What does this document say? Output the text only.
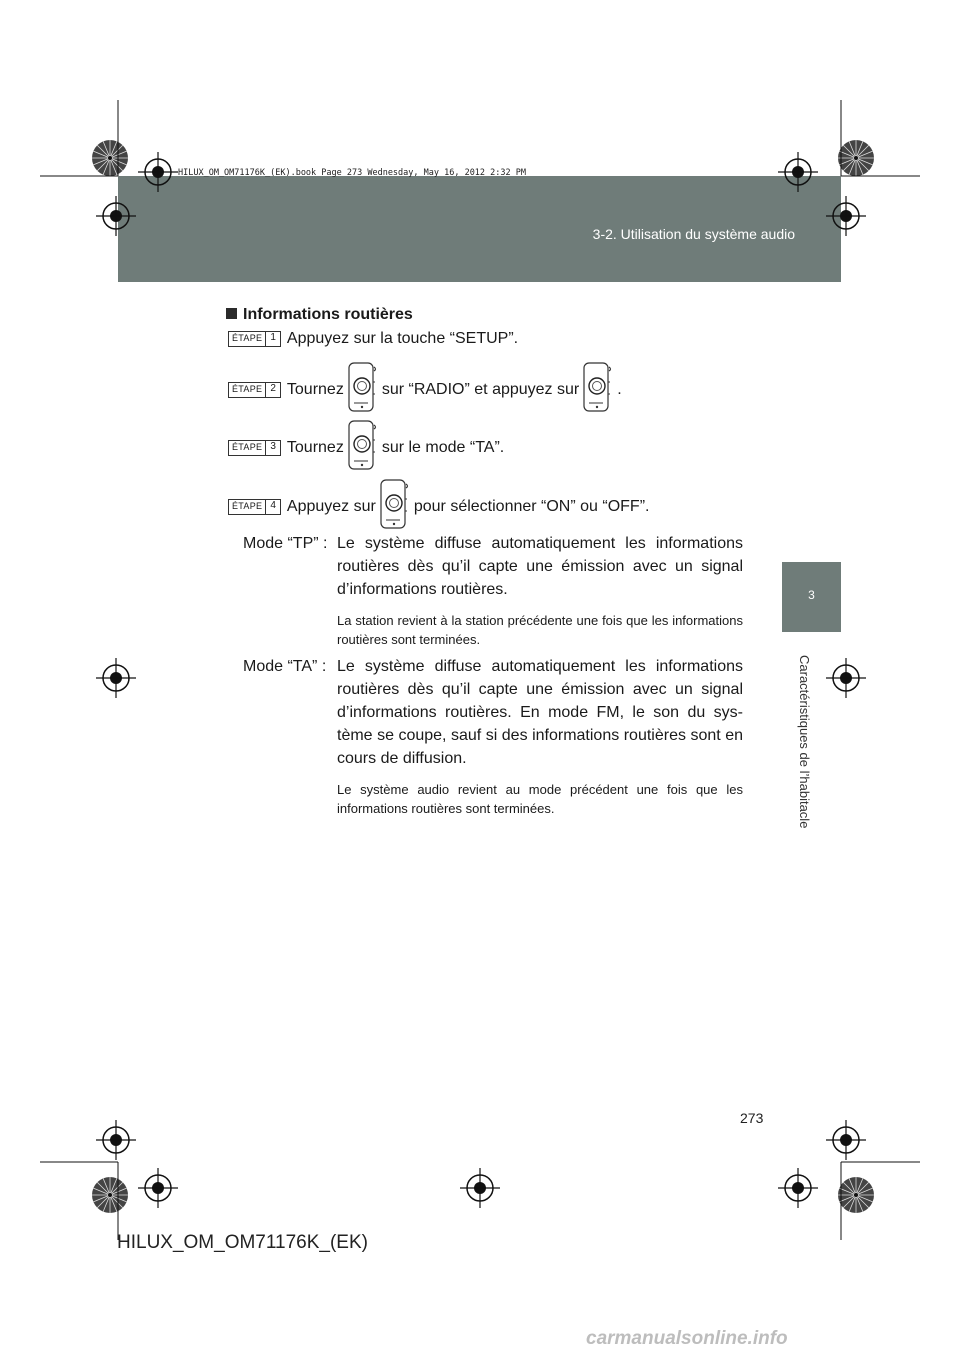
3-2. Utilisation du système audio
HILUX_OM_OM71176K_(EK).book Page 273 Wednesday, May 16, 2012 2:32 PM
3
Caractéristiques de l’habitacle
Informations routières
ÉTAPE 1 Appuyez sur la touche “SETUP”.
ÉTAPE 2 Tournez sur “RADIO” et appuyez sur .
ÉTAPE 3 Tournez sur le mode “TA”.
ÉTAPE 4 Appuyez sur pour sélectionner “ON” ou “OFF”.
Mode “TP” : Le système diffuse automatiquement les informations routières dès qu’il capte une émission avec un signal d’informations routières.
La station revient à la station précédente une fois que les informations routières sont terminées.
Mode “TA” : Le système diffuse automatiquement les informations routières dès qu’il capte une émission avec un signal d’informations routières. En mode FM, le son du sys-tème se coupe, sauf si des informations routières sont en cours de diffusion.
Le système audio revient au mode précédent une fois que les informations routières sont terminées.
273
HILUX_OM_OM71176K_(EK)
carmanualsonline.info
